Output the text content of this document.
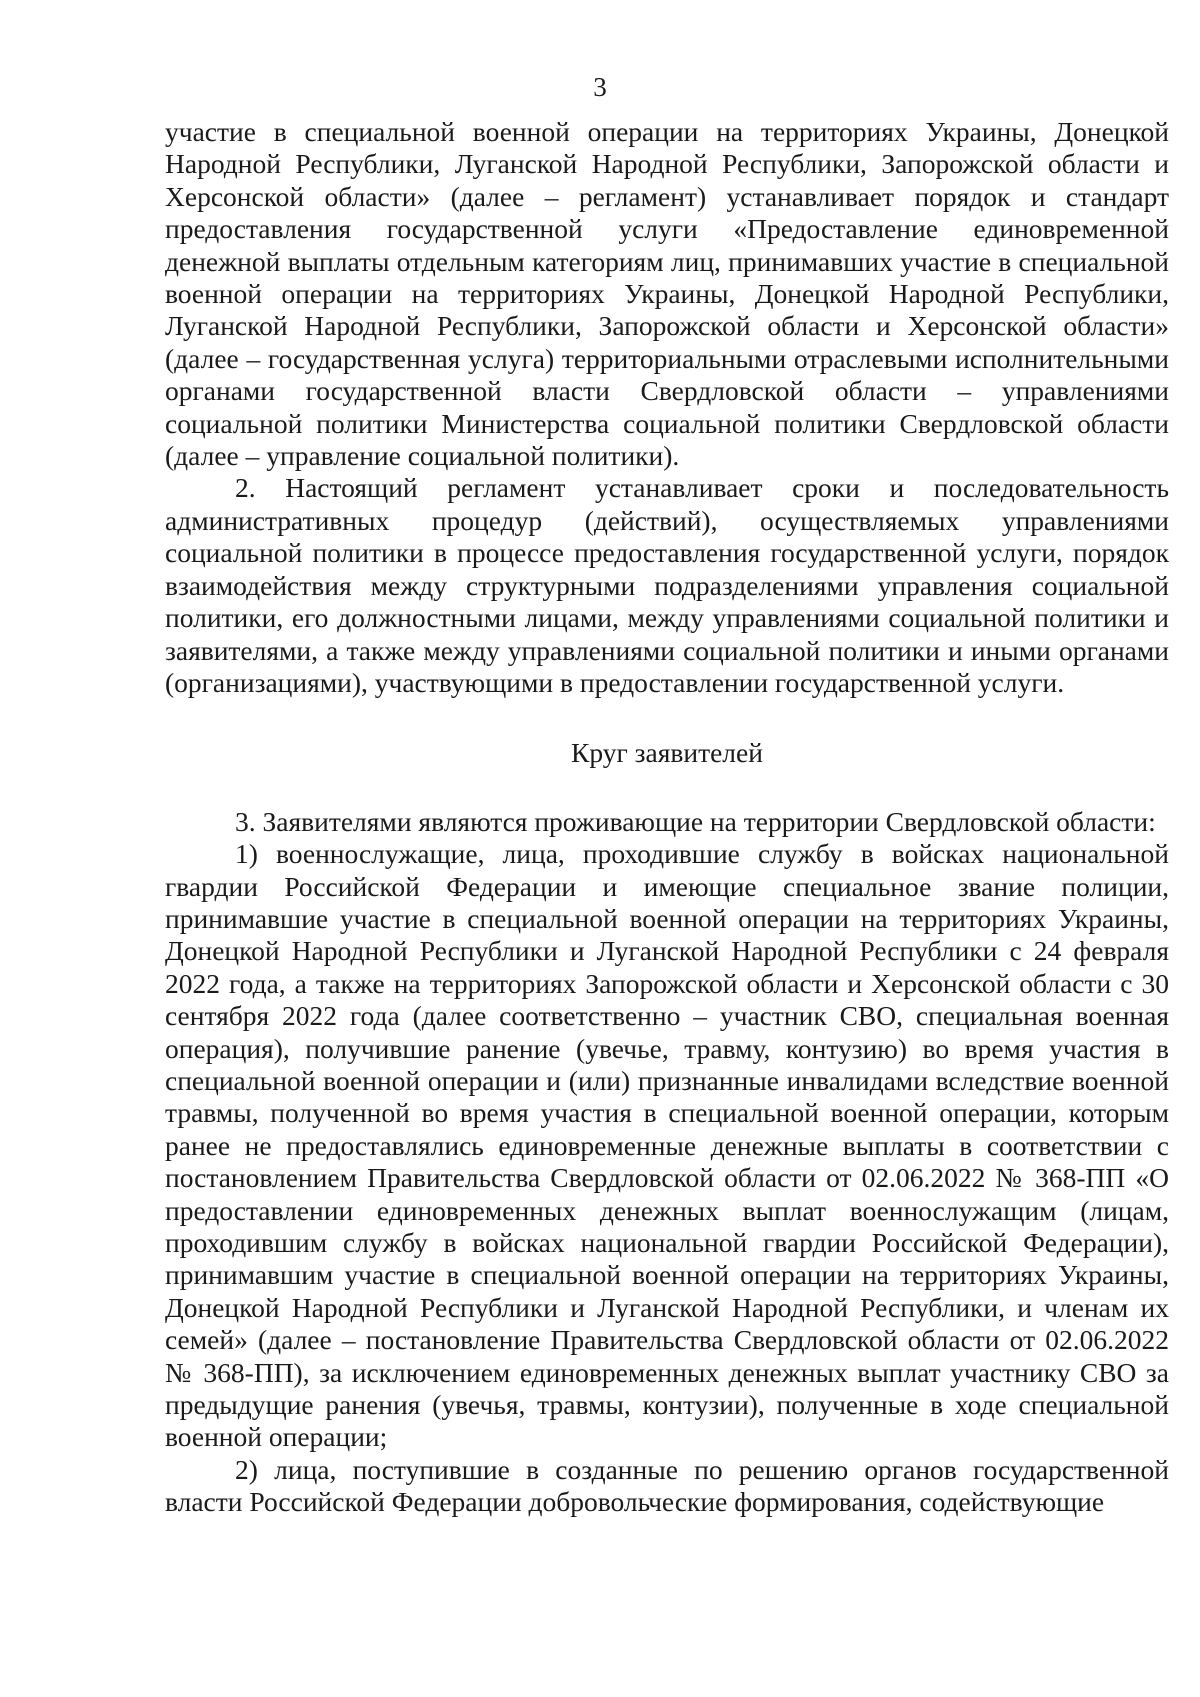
3

участие в специальной военной операции на территориях Украины, Донецкой Народной Республики, Луганской Народной Республики, Запорожской области и Херсонской области» (далее – регламент) устанавливает порядок и стандарт предоставления государственной услуги «Предоставление единовременной денежной выплаты отдельным категориям лиц, принимавших участие в специальной военной операции на территориях Украины, Донецкой Народной Республики, Луганской Народной Республики, Запорожской области и Херсонской области» (далее – государственная услуга) территориальными отраслевыми исполнительными органами государственной власти Свердловской области – управлениями социальной политики Министерства социальной политики Свердловской области (далее – управление социальной политики).

2. Настоящий регламент устанавливает сроки и последовательность административных процедур (действий), осуществляемых управлениями социальной политики в процессе предоставления государственной услуги, порядок взаимодействия между структурными подразделениями управления социальной политики, его должностными лицами, между управлениями социальной политики и заявителями, а также между управлениями социальной политики и иными органами (организациями), участвующими в предоставлении государственной услуги.

Круг заявителей

3. Заявителями являются проживающие на территории Свердловской области:

1) военнослужащие, лица, проходившие службу в войсках национальной гвардии Российской Федерации и имеющие специальное звание полиции, принимавшие участие в специальной военной операции на территориях Украины, Донецкой Народной Республики и Луганской Народной Республики с 24 февраля 2022 года, а также на территориях Запорожской области и Херсонской области с 30 сентября 2022 года (далее соответственно – участник СВО, специальная военная операция), получившие ранение (увечье, травму, контузию) во время участия в специальной военной операции и (или) признанные инвалидами вследствие военной травмы, полученной во время участия в специальной военной операции, которым ранее не предоставлялись единовременные денежные выплаты в соответствии с постановлением Правительства Свердловской области от 02.06.2022 № 368-ПП «О предоставлении единовременных денежных выплат военнослужащим (лицам, проходившим службу в войсках национальной гвардии Российской Федерации), принимавшим участие в специальной военной операции на территориях Украины, Донецкой Народной Республики и Луганской Народной Республики, и членам их семей» (далее – постановление Правительства Свердловской области от 02.06.2022 № 368-ПП), за исключением единовременных денежных выплат участнику СВО за предыдущие ранения (увечья, травмы, контузии), полученные в ходе специальной военной операции;

2) лица, поступившие в созданные по решению органов государственной власти Российской Федерации добровольческие формирования, содействующие
